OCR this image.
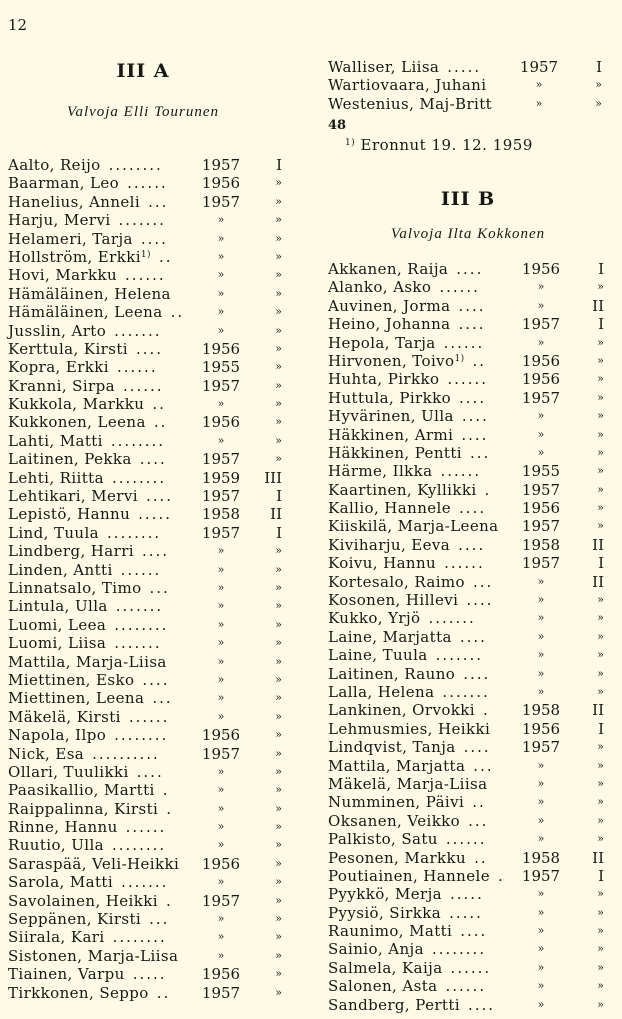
12
III A
Valvoja Elli Tourunen
Aalto, Reijo ........	1957	I
Baarman, Leo ...... 1956	»
Hanelius, Anneli ... 1957	»
Harju, Mervi .......	»	»
Helameri, Tarja ....	»	»
Hollström, Erkki$^{1)}$ ..	»	»
Hovi, Markku ......	»	»
Hämäläinen, Helena	»	»
Hämäläinen, Leena ..	»	»
Jusslin, Arto .......	»	»
Kerttula, Kirsti ....	1956	»
Kopra, Erkki ......	1955	»
Kranni, Sirpa ......	1957	»
Kukkola, Markku ..	»	»
Kukkonen, Leena .. 1956	»
Lahti, Matti ........	»	»
Laitinen, Pekka .... 1957	»
Lehti, Riitta ........ 1959	III
Lehtikari, Mervi .... 1957	I
Lepistö, Hannu ..... 1958	II
Lind, Tuula ........	1957	I
Lindberg, Harri ....	»	»
Linden, Antti ......	»	»
Linnatsalo, Timo ...	»	»
Lintula, Ulla .......	»	»
Luomi, Leea ........	»	»
Luomi, Liisa .......	»	»
Mattila, Marja-Liisa	»	»
Miettinen, Esko ....	»	»
Miettinen, Leena ...	»	»
Mäkelä, Kirsti ......	»	»
Napola, Ilpo ........ 1956	»
Nick, Esa ..........	1957	»
Ollari, Tuulikki ....	»	»
Paasikallio, Martti .	»	»
Raippalinna, Kirsti .	»	»
Rinne, Hannu ......	»	»
Ruutio, Ulla ........	»	»
Saraspää, Veli-Heikki 1956	»
Sarola, Matti .......	»	»
Savolainen, Heikki . 1957	»
Seppänen, Kirsti ...	»	»
Siirala, Kari ........	»	»
Sistonen, Marja-Liisa	»	»
Tiainen, Varpu ..... 1956	»
Tirkkonen, Seppo .. 1957	»
Walliser, Liisa .....	1957	I
Wartiovaara, Juhani	»	»
Westenius, Maj-Britt	»	»
48
$^{1)}$ Eronnut 19. 12. 1959
III B
Valvoja Ilta Kokkonen
Akkanen, Raija ....	1956	I
Alanko, Asko ......	»	»
Auvinen, Jorma ....	»	II
Heino, Johanna .... 1957	I
Hepola, Tarja ......	»	»
Hirvonen, Toivo$^{1)}$ .. 1956	»
Huhta, Pirkko ...... 1956	»
Huttula, Pirkko .... 1957	»
Hyvärinen, Ulla ....	»	»
Häkkinen, Armi ....	»	»
Häkkinen, Pentti ...	»	»
Härme, Ilkka ......	1955	»
Kaartinen, Kyllikki . 1957	»
Kallio, Hannele .... 1956	»
Kiiskilä, Marja-Leena 1957	»
Kiviharju, Eeva .... 1958	II
Koivu, Hannu ...... 1957	I
Kortesalo, Raimo ...	»	II
Kosonen, Hillevi ....	»	»
Kukko, Yrjö .......	»	»
Laine, Marjatta ....	»	»
Laine, Tuula .......	»	»
Laitinen, Rauno ....	»	»
Lalla, Helena .......	»	»
Lankinen, Orvokki . 1958	II
Lehmusmies, Heikki 1956	I
Lindqvist, Tanja .... 1957	»
Mattila, Marjatta ...	»	»
Mäkelä, Marja-Liisa	»	»
Numminen, Päivi ..	»	»
Oksanen, Veikko ...	»	»
Palkisto, Satu ......	»	»
Pesonen, Markku .. 1958	II
Poutiainen, Hannele . 1957	I
Pyykkö, Merja .....	»	»
Pyysiö, Sirkka .....	»	»
Raunimo, Matti ....	»	»
Sainio, Anja ........	»	»
Salmela, Kaija ......	»	»
Salonen, Asta ......	»	»
Sandberg, Pertti ....	»	»
